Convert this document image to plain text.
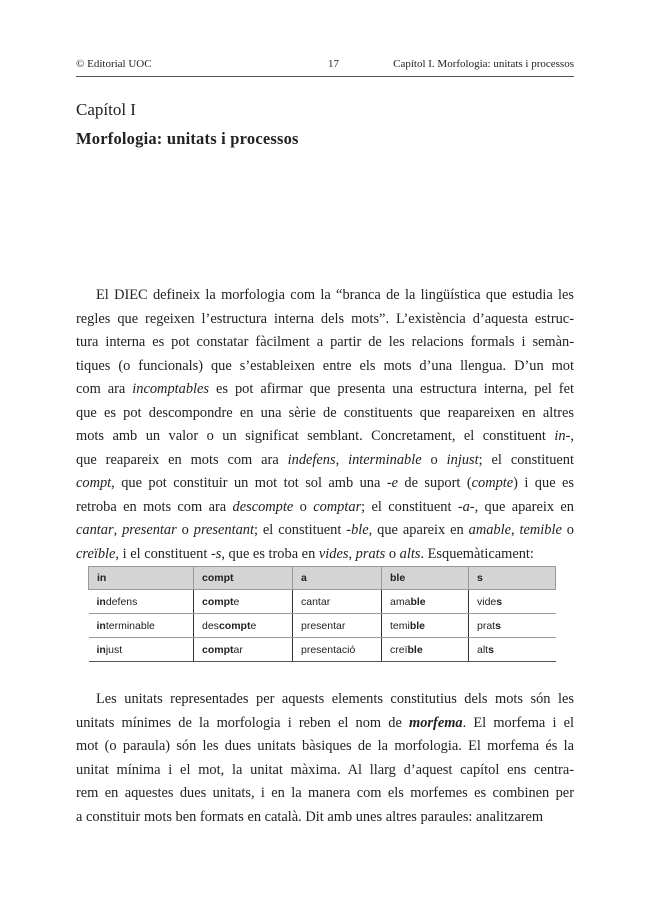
© Editorial UOC	17	Capítol I. Morfologia: unitats i processos
Capítol I
Morfologia: unitats i processos
El DIEC defineix la morfologia com la “branca de la lingüística que estudia les
regles que regeixen l’estructura interna dels mots”. L’existència d’aquesta estruc-
tura interna es pot constatar fàcilment a partir de les relacions formals i semàn-
tiques (o funcionals) que s’estableixen entre els mots d’una llengua. D’un mot
com ara incomptables es pot afirmar que presenta una estructura interna, pel fet
que es pot descompondre en una sèrie de constituents que reapareixen en altres
mots amb un valor o un significat semblant. Concretament, el constituent in-,
que reapareix en mots com ara indefens, interminable o injust; el constituent
compt, que pot constituir un mot tot sol amb una -e de suport (compte) i que es
retroba en mots com ara descompte o comptar; el constituent -a-, que apareix en
cantar, presentar o presentant; el constituent -ble, que apareix en amable, temible o
creïble, i el constituent -s, que es troba en vides, prats o alts. Esquemàticament:
in	compt	a	ble	s
indefens	compte	cantar	amable	vides
interminable	descompte	presentar	temible	prats
injust	comptar	presentació	creïble	alts
Les unitats representades per aquests elements constitutius dels mots són les
unitats mínimes de la morfologia i reben el nom de morfema. El morfema i el
mot (o paraula) són les dues unitats bàsiques de la morfologia. El morfema és la
unitat mínima i el mot, la unitat màxima. Al llarg d’aquest capítol ens centra-
rem en aquestes dues unitats, i en la manera com els morfemes es combinen per
a constituir mots ben formats en català. Dit amb unes altres paraules: analitzarem
